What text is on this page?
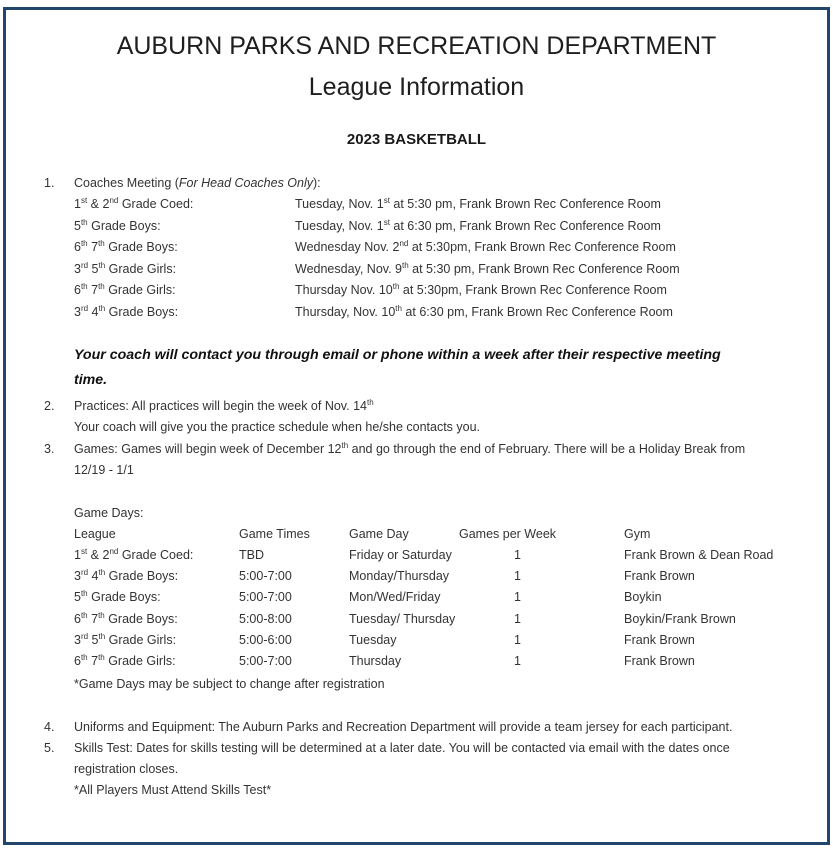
AUBURN PARKS AND RECREATION DEPARTMENT
League Information
2023 BASKETBALL
1. Coaches Meeting (For Head Coaches Only):
1st & 2nd Grade Coed:	Tuesday, Nov. 1st at 5:30 pm, Frank Brown Rec Conference Room
5th Grade Boys:	Tuesday, Nov. 1st at 6:30 pm, Frank Brown Rec Conference Room
6th 7th Grade Boys:	Wednesday Nov. 2nd at 5:30pm, Frank Brown Rec Conference Room
3rd 5th Grade Girls:	Wednesday, Nov. 9th at 5:30 pm, Frank Brown Rec Conference Room
6th 7th Grade Girls:	Thursday Nov. 10th at 5:30pm, Frank Brown Rec Conference Room
3rd 4th Grade Boys:	Thursday, Nov. 10th at 6:30 pm, Frank Brown Rec Conference Room
Your coach will contact you through email or phone within a week after their respective meeting
time.
2. Practices: All practices will begin the week of Nov. 14th
Your coach will give you the practice schedule when he/she contacts you.
3. Games: Games will begin week of December 12th and go through the end of February. There will be a Holiday Break from
12/19 - 1/1
Game Days:
League	Game Times	Game Day	Games per Week	Gym
1st & 2nd Grade Coed:	TBD	Friday or Saturday	1	Frank Brown & Dean Road
3rd 4th Grade Boys:	5:00-7:00	Monday/Thursday	1	Frank Brown
5th Grade Boys:	5:00-7:00	Mon/Wed/Friday	1	Boykin
6th 7th Grade Boys:	5:00-8:00	Tuesday/ Thursday	1	Boykin/Frank Brown
3rd 5th Grade Girls:	5:00-6:00	Tuesday	1	Frank Brown
6th 7th Grade Girls:	5:00-7:00	Thursday	1	Frank Brown
*Game Days may be subject to change after registration
4. Uniforms and Equipment: The Auburn Parks and Recreation Department will provide a team jersey for each participant.
5. Skills Test: Dates for skills testing will be determined at a later date. You will be contacted via email with the dates once
registration closes.
*All Players Must Attend Skills Test*
